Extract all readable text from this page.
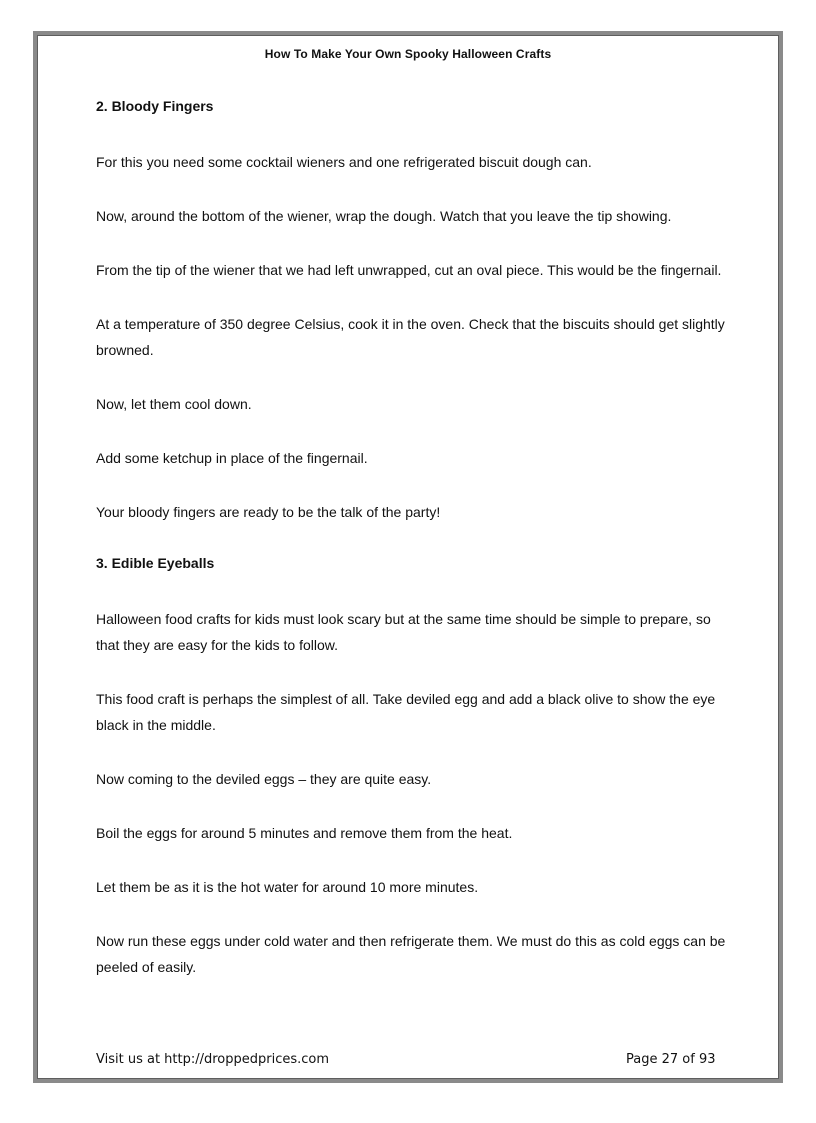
How To Make Your Own Spooky Halloween Crafts
2. Bloody Fingers

For this you need some cocktail wieners and one refrigerated biscuit dough can.

Now, around the bottom of the wiener, wrap the dough. Watch that you leave the tip showing.

From the tip of the wiener that we had left unwrapped, cut an oval piece. This would be the fingernail.

At a temperature of 350 degree Celsius, cook it in the oven. Check that the biscuits should get slightly browned.

Now, let them cool down.

Add some ketchup in place of the fingernail.

Your bloody fingers are ready to be the talk of the party!

3. Edible Eyeballs

Halloween food crafts for kids must look scary but at the same time should be simple to prepare, so that they are easy for the kids to follow.

This food craft is perhaps the simplest of all. Take deviled egg and add a black olive to show the eye black in the middle.

Now coming to the deviled eggs – they are quite easy.

Boil the eggs for around 5 minutes and remove them from the heat.

Let them be as it is the hot water for around 10 more minutes.

Now run these eggs under cold water and then refrigerate them. We must do this as cold eggs can be peeled of easily.

Visit us at http://droppedprices.com	Page 27 of 93
